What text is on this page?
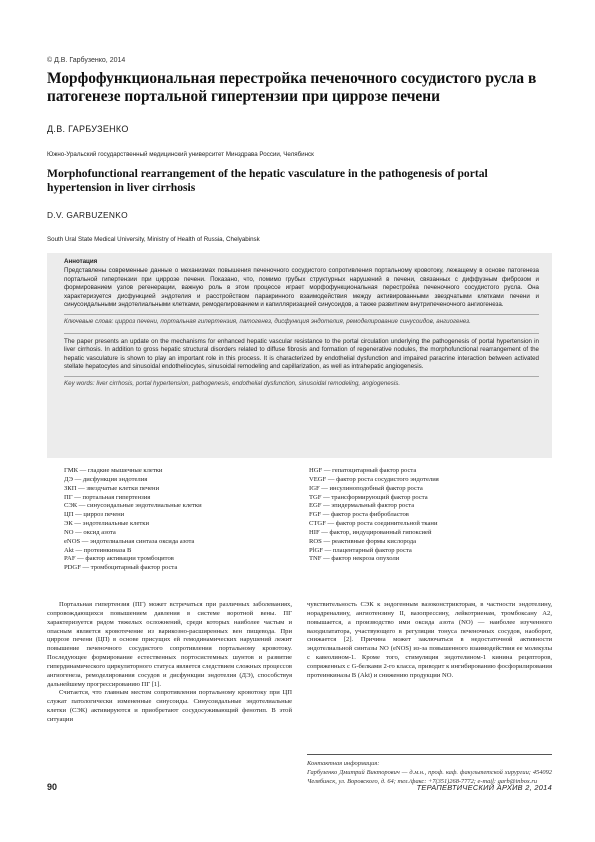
© Д.В. Гарбузенко, 2014
Морфофункциональная перестройка печеночного сосудистого русла в патогенезе портальной гипертензии при циррозе печени
Д.В. ГАРБУЗЕНКО
Южно-Уральский государственный медицинский университет Минздрава России, Челябинск
Morphofunctional rearrangement of the hepatic vasculature in the pathogenesis of portal hypertension in liver cirrhosis
D.V. GARBUZENKO
South Ural State Medical University, Ministry of Health of Russia, Chelyabinsk
Аннотация

Представлены современные данные о механизмах повышения печеночного сосудистого сопротивления портальному кровотоку, лежащему в основе патогенеза портальной гипертензии при циррозе печени. Показано, что, помимо грубых структурных нарушений в печени, связанных с диффузным фиброзом и формированием узлов регенерации, важную роль в этом процессе играет морфофункциональная перестройка печеночного сосудистого русла. Она характеризуется дисфункцией эндотелия и расстройством паракринного взаимодействия между активированными звездчатыми клетками печени и синусоидальными эндотелиальными клетками, ремоделированием и капилляризацией синусоидов, а также развитием внутрипеченочного ангиогенеза.

Ключевые слова: цирроз печени, портальная гипертензия, патогенез, дисфункция эндотелия, ремоделирование синусоидов, ангиогенез.

The paper presents an update on the mechanisms for enhanced hepatic vascular resistance to the portal circulation underlying the pathogenesis of portal hypertension in liver cirrhosis. In addition to gross hepatic structural disorders related to diffuse fibrosis and formation of regenerative nodules, the morphofunctional rearrangement of the hepatic vasculature is shown to play an important role in this process. It is characterized by endothelial dysfunction and impaired paracrine interaction between activated stellate hepatocytes and sinusoidal endotheliocytes, sinusoidal remodeling and capillarization, as well as intrahepatic angiogenesis.

Key words: liver cirrhosis, portal hypertension, pathogenesis, endothelial dysfunction, sinusoidal remodeling, angiogenesis.
ГМК — гладкие мышечные клетки
ДЭ — дисфункция эндотелия
ЗКП — звездчатые клетки печени
ПГ — портальная гипертензия
СЭК — синусоидальные эндотелиальные клетки
ЦП — цирроз печени
ЭК — эндотелиальные клетки
NO — оксид азота
eNOS — эндотелиальная синтаза оксида азота
Akt — протеинкиназа В
PAF — фактор активации тромбоцитов
PDGF — тромбоцитарный фактор роста
HGF — гепатоцитарный фактор роста
VEGF — фактор роста сосудистого эндотелия
IGF — инсулиноподобный фактор роста
TGF — трансформирующий фактор роста
EGF — эпидермальный фактор роста
FGF — фактор роста фибробластов
CTGF — фактор роста соединительной ткани
HIF — фактор, индуцированный гипоксией
ROS — реактивные формы кислорода
PlGF — плацентарный фактор роста
TNF — фактор некроза опухоли

Портальная гипертензия (ПГ) может встречаться при различных заболеваниях, сопровождающихся повышением давления в системе воротной вены. ПГ характеризуется рядом тяжелых осложнений, среди которых наиболее частым и опасным является кровотечение из варикозно-расширенных вен пищевода. При циррозе печени (ЦП) в основе присущих ей гемодинамических нарушений лежит повышение печеночного сосудистого сопротивления портальному кровотоку. Последующее формирование естественных портосистемных шунтов и развитие гипердинамического циркуляторного статуса является следствием сложных процессов ангиогенеза, ремоделирования сосудов и дисфункции эндотелия (ДЭ), способствуя дальнейшему прогрессированию ПГ [1].

Считается, что главным местом сопротивления портальному кровотоку при ЦП служат патологически измененные синусоиды. Синусоидальные эндотелиальные клетки (СЭК) активируются и приобретают сосудосуживающий фенотип. В этой ситуации

чувствительность СЭК к эндогенным вазоконстрикторам, в частности эндотелину, норадреналину, ангиотензину II, вазопрессину, лейкотриенам, тромбоксану A2, повышается, а производство ими оксида азота (NO) — наиболее изученного вазодилататора, участвующего в регуляции тонуса печеночных сосудов, наоборот, снижается [2]. Причина может заключаться в недостаточной активности эндотелиальной синтазы NO (eNOS) из-за повышенного взаимодействия ее молекулы с кавеолином-1. Кроме того, стимуляция эндотелином-1 кинина рецепторов, сопряженных с G-белками 2-го класса, приводит к ингибированию фосфорилирования протеинкиназы В (Akt) и снижению продукции NO.

Контактная информация:
Гарбузенко Дмитрий Викторович — д.м.н., проф. каф. факультетской хирургии; 454092 Челябинск, ул. Воровского, д. 64; тел./факс: +7(351)268-7772; e-mail: garb@inbox.ru
90	ТЕРАПЕВТИЧЕСКИЙ АРХИВ 2, 2014
